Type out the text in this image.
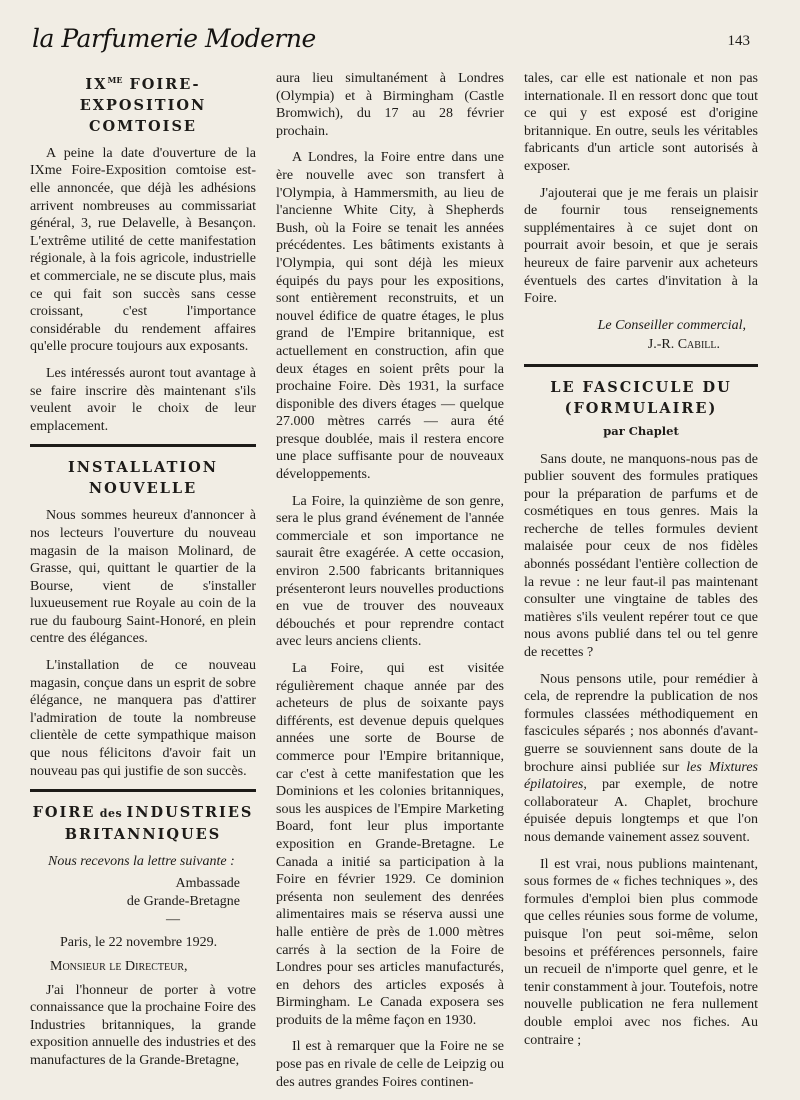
la Parfumerie Moderne	143
$IX^{ME}$ FOIRE-EXPOSITION
COMTOISE

A peine la date d'ouverture de la IXme Foire-Exposition comtoise est-elle annoncée, que déjà les adhésions arrivent nombreuses au commissariat général, 3, rue Delavelle, à Besançon. L'extrême utilité de cette manifestation régionale, à la fois agricole, industrielle et commerciale, ne se discute plus, mais ce qui fait son succès sans cesse croissant, c'est l'importance considérable du rendement affaires qu'elle procure toujours aux exposants.

Les intéressés auront tout avantage à se faire inscrire dès maintenant s'ils veulent avoir le choix de leur emplacement.

INSTALLATION
NOUVELLE

Nous sommes heureux d'annoncer à nos lecteurs l'ouverture du nouveau magasin de la maison Molinard, de Grasse, qui, quittant le quartier de la Bourse, vient de s'installer luxueusement rue Royale au coin de la rue du faubourg Saint-Honoré, en plein centre des élégances.

L'installation de ce nouveau magasin, conçue dans un esprit de sobre élégance, ne manquera pas d'attirer l'admiration de toute la nombreuse clientèle de cette sympathique maison que nous félicitons d'avoir fait un nouveau pas qui justifie de son succès.

FOIRE des INDUSTRIES
BRITANNIQUES

Nous recevons la lettre suivante :

Ambassade
de Grande-Bretagne
—
Paris, le 22 novembre 1929.
Monsieur le Directeur,

J'ai l'honneur de porter à votre connaissance que la prochaine Foire des Industries britanniques, la grande exposition annuelle des industries et des manufactures de la Grande-Bretagne,

aura lieu simultanément à Londres (Olympia) et à Birmingham (Castle Bromwich), du 17 au 28 février prochain.

A Londres, la Foire entre dans une ère nouvelle avec son transfert à l'Olympia, à Hammersmith, au lieu de l'ancienne White City, à Shepherds Bush, où la Foire se tenait les années précédentes. Les bâtiments existants à l'Olympia, qui sont déjà les mieux équipés du pays pour les expositions, sont entièrement reconstruits, et un nouvel édifice de quatre étages, le plus grand de l'Empire britannique, est actuellement en construction, afin que deux étages en soient prêts pour la prochaine Foire. Dès 1931, la surface disponible des divers étages — quelque 27.000 mètres carrés — aura été presque doublée, mais il restera encore une place suffisante pour de nouveaux développements.

La Foire, la quinzième de son genre, sera le plus grand événement de l'année commerciale et son importance ne saurait être exagérée. A cette occasion, environ 2.500 fabricants britanniques présenteront leurs nouvelles productions en vue de trouver des nouveaux débouchés et pour reprendre contact avec leurs anciens clients.

La Foire, qui est visitée régulièrement chaque année par des acheteurs de plus de soixante pays différents, est devenue depuis quelques années une sorte de Bourse de commerce pour l'Empire britannique, car c'est à cette manifestation que les Dominions et les colonies britanniques, sous les auspices de l'Empire Marketing Board, font leur plus importante exposition en Grande-Bretagne. Le Canada a initié sa participation à la Foire en février 1929. Ce dominion présenta non seulement des denrées alimentaires mais se réserva aussi une halle entière de près de 1.000 mètres carrés à la section de la Foire de Londres pour ses articles manufacturés, en dehors des articles exposés à Birmingham. Le Canada exposera ses produits de la même façon en 1930.

Il est à remarquer que la Foire ne se pose pas en rivale de celle de Leipzig ou des autres grandes Foires continen-

tales, car elle est nationale et non pas internationale. Il en ressort donc que tout ce qui y est exposé est d'origine britannique. En outre, seuls les véritables fabricants d'un article sont autorisés à exposer.

J'ajouterai que je me ferais un plaisir de fournir tous renseignements supplémentaires à ce sujet dont on pourrait avoir besoin, et que je serais heureux de faire parvenir aux acheteurs éventuels des cartes d'invitation à la Foire.

Le Conseiller commercial,
J.-R. Cabill.
LE FASCICULE DU
(FORMULAIRE)
par Chaplet

Sans doute, ne manquons-nous pas de publier souvent des formules pratiques pour la préparation de parfums et de cosmétiques en tous genres. Mais la recherche de telles formules devient malaisée pour ceux de nos fidèles abonnés possédant l'entière collection de la revue : ne leur faut-il pas maintenant consulter une vingtaine de tables des matières s'ils veulent repérer tout ce que nous avons publié dans tel ou tel genre de recettes ?

Nous pensons utile, pour remédier à cela, de reprendre la publication de nos formules classées méthodiquement en fascicules séparés ; nos abonnés d'avant-guerre se souviennent sans doute de la brochure ainsi publiée sur les Mixtures épilatoires, par exemple, de notre collaborateur A. Chaplet, brochure épuisée depuis longtemps et que l'on nous demande vainement assez souvent.

Il est vrai, nous publions maintenant, sous formes de « fiches techniques », des formules d'emploi bien plus commode que celles réunies sous forme de volume, puisque l'on peut soi-même, selon besoins et préférences personnels, faire un recueil de n'importe quel genre, et le tenir constamment à jour. Toutefois, notre nouvelle publication ne fera nullement double emploi avec nos fiches. Au contraire ;
